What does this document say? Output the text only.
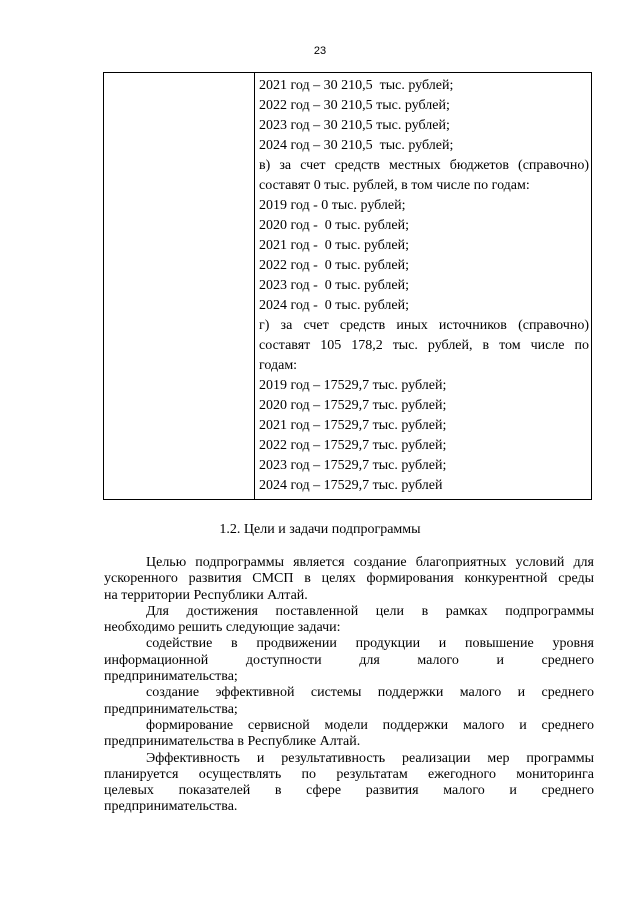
23
2021 год – 30 210,5  тыс. рублей;
2022 год – 30 210,5 тыс. рублей;
2023 год – 30 210,5 тыс. рублей;
2024 год – 30 210,5  тыс. рублей;
в) за счет средств местных бюджетов (справочно)
составят 0 тыс. рублей, в том числе по годам:
2019 год - 0 тыс. рублей;
2020 год -  0 тыс. рублей;
2021 год -  0 тыс. рублей;
2022 год -  0 тыс. рублей;
2023 год -  0 тыс. рублей;
2024 год -  0 тыс. рублей;
г) за счет средств иных источников (справочно)
составят 105 178,2 тыс. рублей, в том числе по
годам:
2019 год – 17529,7 тыс. рублей;
2020 год – 17529,7 тыс. рублей;
2021 год – 17529,7 тыс. рублей;
2022 год – 17529,7 тыс. рублей;
2023 год – 17529,7 тыс. рублей;
2024 год – 17529,7 тыс. рублей
1.2. Цели и задачи подпрограммы
Целью подпрограммы является создание благоприятных условий для
ускоренного развития СМСП в целях формирования конкурентной среды
на территории Республики Алтай.
Для достижения поставленной цели в рамках подпрограммы
необходимо решить следующие задачи:
содействие в продвижении продукции и повышение уровня
информационной доступности для малого и среднего
предпринимательства;
создание эффективной системы поддержки малого и среднего
предпринимательства;
формирование сервисной модели поддержки малого и среднего
предпринимательства в Республике Алтай.
Эффективность и результативность реализации мер программы
планируется осуществлять по результатам ежегодного мониторинга
целевых показателей в сфере развития малого и среднего
предпринимательства.
